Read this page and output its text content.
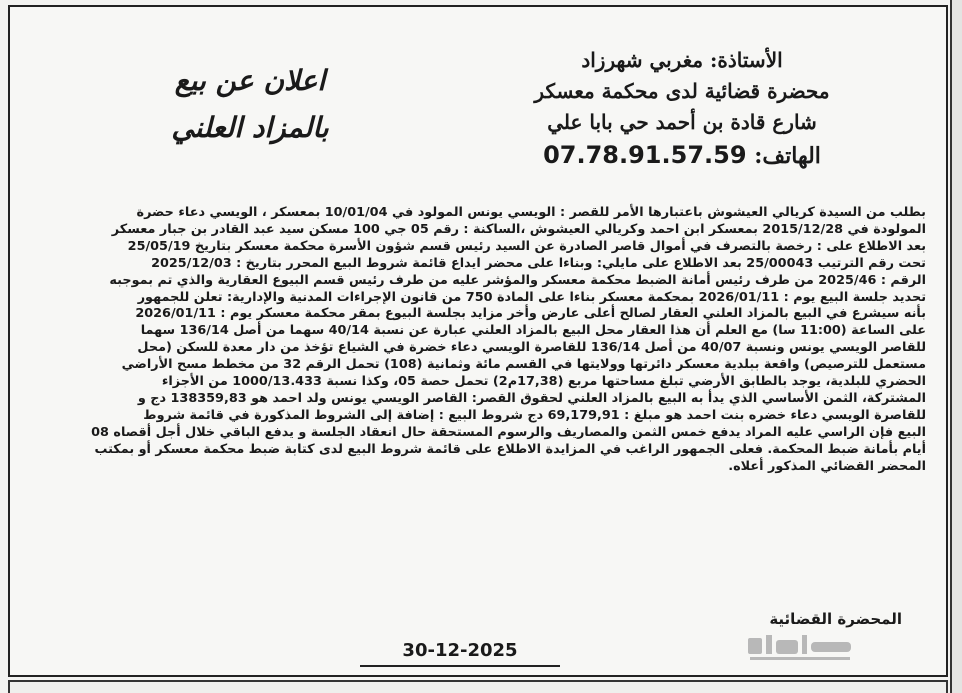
الأستاذة: مغربي شهرزاد
محضرة قضائية لدى محكمة معسكر
شارع قادة بن أحمد حي بابا علي
الهاتف: 07.78.91.57.59
اعلان عن بيع
بالمزاد العلني
بطلب من السيدة كريالي العيشوش باعتبارها الأمر للقصر : الويسي يونس المولود في 10/01/04 بمعسكر ، الويسي دعاء حضرة
المولودة في 2015/12/28 بمعسكر ابن احمد وكريالي العيشوش ،الساكنة : رقم 05 جي 100 مسكن سيد عبد القادر بن جبار معسكر
بعد الاطلاع على : رخصة بالتصرف في أموال قاصر الصادرة عن السيد رئيس قسم شؤون الأسرة محكمة معسكر بتاريخ 25/05/19
تحت رقم الترتيب 25/00043 بعد الاطلاع على مايلي: وبناءا على محضر ايداع قائمة شروط البيع المحرر بتاريخ : 2025/12/03
الرقم : 2025/46 من طرف رئيس أمانة الضبط محكمة معسكر والمؤشر عليه من طرف رئيس قسم البيوع العقارية والذي تم بموجبه
تحديد جلسة البيع يوم : 2026/01/11 بمحكمة معسكر بناءا على المادة 750 من قانون الإجراءات المدنية والإدارية: تعلن للجمهور
بأنه سيشرع في البيع بالمزاد العلني العقار لصالح أعلى عارض وأخر مزايد بجلسة البيوع بمقر محكمة معسكر يوم : 2026/01/11
على الساعة (11:00 سا) مع العلم أن هذا العقار محل البيع بالمزاد العلني عبارة عن نسبة 40/14 سهما من أصل 136/14 سهما
للقاصر الويسي يونس ونسبة 40/07 من أصل 136/14 للقاصرة الويسي دعاء خضرة في الشياع تؤخذ من دار معدة للسكن (محل
مستعمل للترصيص) واقعة ببلدية معسكر دائرتها وولايتها في القسم مائة وثمانية (108) تحمل الرقم 32 من مخطط مسح الأراضي
الحضري للبلدية، يوجد بالطابق الأرضي تبلغ مساحتها مربع (17,38م2) تحمل حصة 05، وكذا نسبة 1000/13.433 من الأجزاء
المشتركة، الثمن الأساسي الذي يدأ به البيع بالمزاد العلني لحقوق القصر: القاصر الويسي يونس ولد احمد هو 138359,83 دج و
للقاصرة الويسي دعاء خضره بنت احمد هو مبلغ : 69,179,91 دج شروط البيع : إضافة إلى الشروط المذكورة في قائمة شروط
البيع فإن الراسي عليه المراد يدفع خمس الثمن والمصاريف والرسوم المستحقة حال انعقاد الجلسة و يدفع الباقي خلال أجل أقصاه 08
أيام بأمانة ضبط المحكمة. فعلى الجمهور الراغب في المزايدة الاطلاع على قائمة شروط البيع لدى كتابة ضبط محكمة معسكر أو بمكتب
المحضر القضائي المذكور أعلاه.
المحضرة القضائية
30-12-2025
